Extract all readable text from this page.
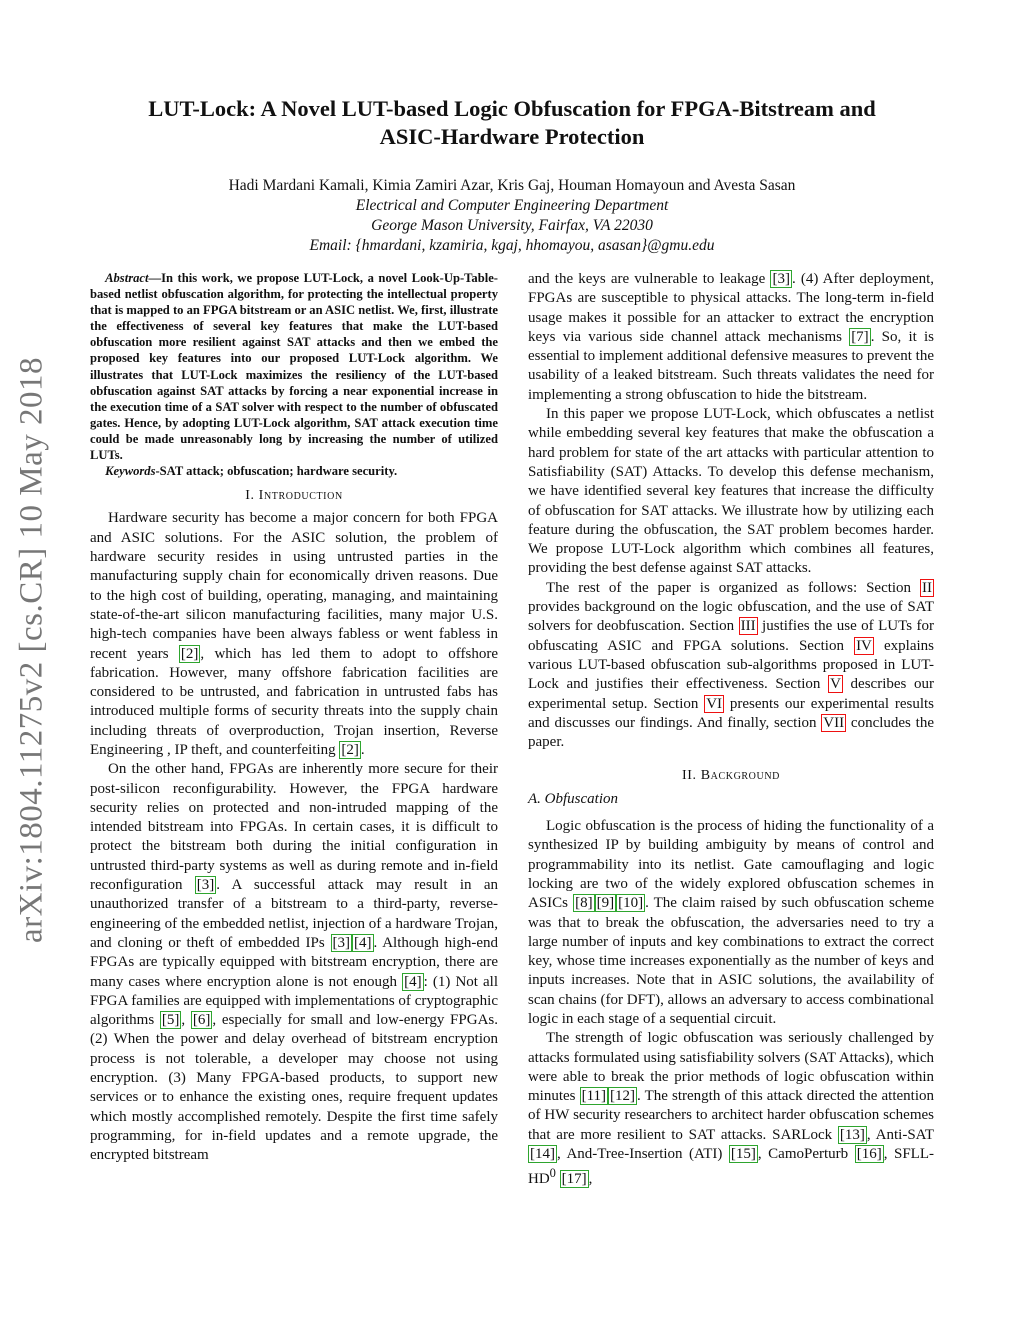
arXiv:1804.11275v2 [cs.CR] 10 May 2018
LUT-Lock: A Novel LUT-based Logic Obfuscation for FPGA-Bitstream and
ASIC-Hardware Protection
Hadi Mardani Kamali, Kimia Zamiri Azar, Kris Gaj, Houman Homayoun and Avesta Sasan
Electrical and Computer Engineering Department
George Mason University, Fairfax, VA 22030
Email: {hmardani, kzamiria, kgaj, hhomayou, asasan}@gmu.edu

Abstract—In this work, we propose LUT-Lock, a novel Look-Up-Table-based netlist obfuscation algorithm, for protecting the intellectual property that is mapped to an FPGA bitstream or an ASIC netlist. We, first, illustrate the effectiveness of several key features that make the LUT-based obfuscation more resilient against SAT attacks and then we embed the proposed key features into our proposed LUT-Lock algorithm. We illustrates that LUT-Lock maximizes the resiliency of the LUT-based obfuscation against SAT attacks by forcing a near exponential increase in the execution time of a SAT solver with respect to the number of obfuscated gates. Hence, by adopting LUT-Lock algorithm, SAT attack execution time could be made unreasonably long by increasing the number of utilized LUTs.

Keywords-SAT attack; obfuscation; hardware security.

I. Introduction

Hardware security has become a major concern for both FPGA and ASIC solutions. For the ASIC solution, the problem of hardware security resides in using untrusted parties in the manufacturing supply chain for economically driven reasons. Due to the high cost of building, operating, managing, and maintaining state-of-the-art silicon manufacturing facilities, many major U.S. high-tech companies have been always fabless or went fabless in recent years [2] , which has led them to adopt to offshore fabrication. However, many offshore fabrication facilities are considered to be untrusted, and fabrication in untrusted fabs has introduced multiple forms of security threats into the supply chain including threats of overproduction, Trojan insertion, Reverse Engineering , IP theft, and counterfeiting [2] .

On the other hand, FPGAs are inherently more secure for their post-silicon reconfigurability. However, the FPGA hardware security relies on protected and non-intruded mapping of the intended bitstream into FPGAs. In certain cases, it is difficult to protect the bitstream both during the initial configuration in untrusted third-party systems as well as during remote and in-field reconfiguration [3] . A successful attack may result in an unauthorized transfer of a bitstream to a third-party, reverse-engineering of the embedded netlist, injection of a hardware Trojan, and cloning or theft of embedded IPs [3] [4] . Although high-end FPGAs are typically equipped with bitstream encryption, there are many cases where encryption alone is not enough [4] : (1) Not all FPGA families are equipped with implementations of cryptographic algorithms [5] , [6] , especially for small and low-energy FPGAs. (2) When the power and delay overhead of bitstream encryption process is not tolerable, a developer may choose not using encryption. (3) Many FPGA-based products, to support new services or to enhance the existing ones, require frequent updates which mostly accomplished remotely. Despite the first time safely programming, for in-field updates and a remote upgrade, the encrypted bitstream

and the keys are vulnerable to leakage [3] . (4) After deployment, FPGAs are susceptible to physical attacks. The long-term in-field usage makes it possible for an attacker to extract the encryption keys via various side channel attack mechanisms [7] . So, it is essential to implement additional defensive measures to prevent the usability of a leaked bitstream. Such threats validates the need for implementing a strong obfuscation to hide the bitstream.

In this paper we propose LUT-Lock, which obfuscates a netlist while embedding several key features that make the obfuscation a hard problem for state of the art attacks with particular attention to Satisfiability (SAT) Attacks. To develop this defense mechanism, we have identified several key features that increase the difficulty of obfuscation for SAT attacks. We illustrate how by utilizing each feature during the obfuscation, the SAT problem becomes harder. We propose LUT-Lock algorithm which combines all features, providing the best defense against SAT attacks.

The rest of the paper is organized as follows: Section II provides background on the logic obfuscation, and the use of SAT solvers for deobfuscation. Section III justifies the use of LUTs for obfuscating ASIC and FPGA solutions. Section IV explains various LUT-based obfuscation sub-algorithms proposed in LUT-Lock and justifies their effectiveness. Section V describes our experimental setup. Section VI presents our experimental results and discusses our findings. And finally, section VII concludes the paper.

II. Background
A. Obfuscation

Logic obfuscation is the process of hiding the functionality of a synthesized IP by building ambiguity by means of control and programmability into its netlist. Gate camouflaging and logic locking are two of the widely explored obfuscation schemes in ASICs [8] [9] [10] . The claim raised by such obfuscation scheme was that to break the obfuscation, the adversaries need to try a large number of inputs and key combinations to extract the correct key, whose time increases exponentially as the number of keys and inputs increases. Note that in ASIC solutions, the availability of scan chains (for DFT), allows an adversary to access combinational logic in each stage of a sequential circuit.

The strength of logic obfuscation was seriously challenged by attacks formulated using satisfiability solvers (SAT Attacks), which were able to break the prior methods of logic obfuscation within minutes [11] [12] . The strength of this attack directed the attention of HW security researchers to architect harder obfuscation schemes that are more resilient to SAT attacks. SARLock [13] , Anti-SAT [14] , And-Tree-Insertion (ATI) [15] , CamoPerturb [16] , SFLL-$HD^0$ [17] ,
